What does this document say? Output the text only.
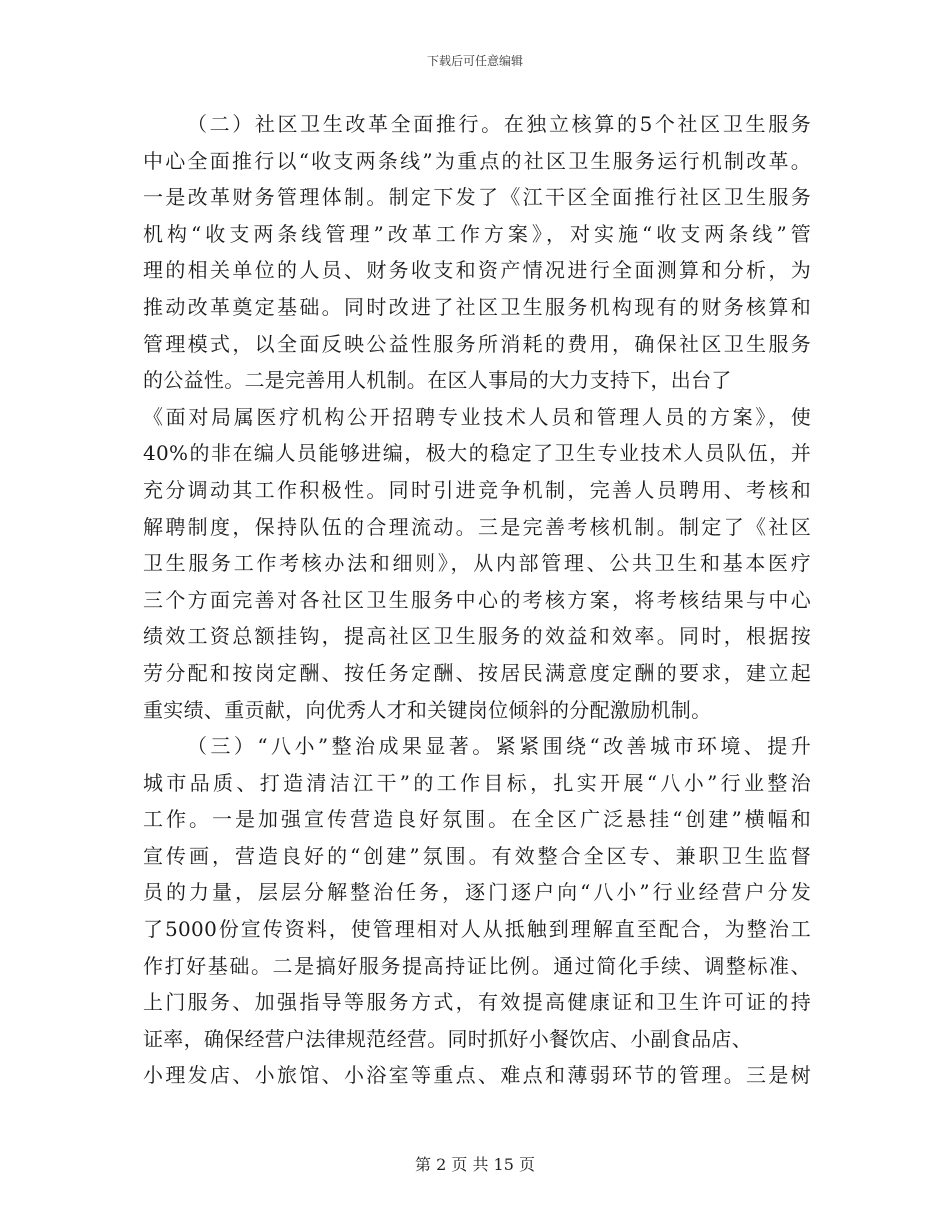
下载后可任意编辑
（二）社区卫生改革全面推行。在独立核算的5个社区卫生服务
中心全面推行以“收支两条线”为重点的社区卫生服务运行机制改革。
一是改革财务管理体制。制定下发了《江干区全面推行社区卫生服务
机构“收支两条线管理”改革工作方案》，对实施“收支两条线”管
理的相关单位的人员、财务收支和资产情况进行全面测算和分析，为
推动改革奠定基础。同时改进了社区卫生服务机构现有的财务核算和
管理模式，以全面反映公益性服务所消耗的费用，确保社区卫生服务
的公益性。二是完善用人机制。在区人事局的大力支持下，出台了
《面对局属医疗机构公开招聘专业技术人员和管理人员的方案》，使
40%的非在编人员能够进编，极大的稳定了卫生专业技术人员队伍，并
充分调动其工作积极性。同时引进竞争机制，完善人员聘用、考核和
解聘制度，保持队伍的合理流动。三是完善考核机制。制定了《社区
卫生服务工作考核办法和细则》，从内部管理、公共卫生和基本医疗
三个方面完善对各社区卫生服务中心的考核方案，将考核结果与中心
绩效工资总额挂钩，提高社区卫生服务的效益和效率。同时，根据按
劳分配和按岗定酬、按任务定酬、按居民满意度定酬的要求，建立起
重实绩、重贡献，向优秀人才和关键岗位倾斜的分配激励机制。
（三）“八小”整治成果显著。紧紧围绕“改善城市环境、提升
城市品质、打造清洁江干”的工作目标，扎实开展“八小”行业整治
工作。一是加强宣传营造良好氛围。在全区广泛悬挂“创建”横幅和
宣传画，营造良好的“创建”氛围。有效整合全区专、兼职卫生监督
员的力量，层层分解整治任务，逐门逐户向“八小”行业经营户分发
了5000份宣传资料，使管理相对人从抵触到理解直至配合，为整治工
作打好基础。二是搞好服务提高持证比例。通过简化手续、调整标准、
上门服务、加强指导等服务方式，有效提高健康证和卫生许可证的持
证率，确保经营户法律规范经营。同时抓好小餐饮店、小副食品店、
小理发店、小旅馆、小浴室等重点、难点和薄弱环节的管理。三是树
第 2 页 共 15 页
